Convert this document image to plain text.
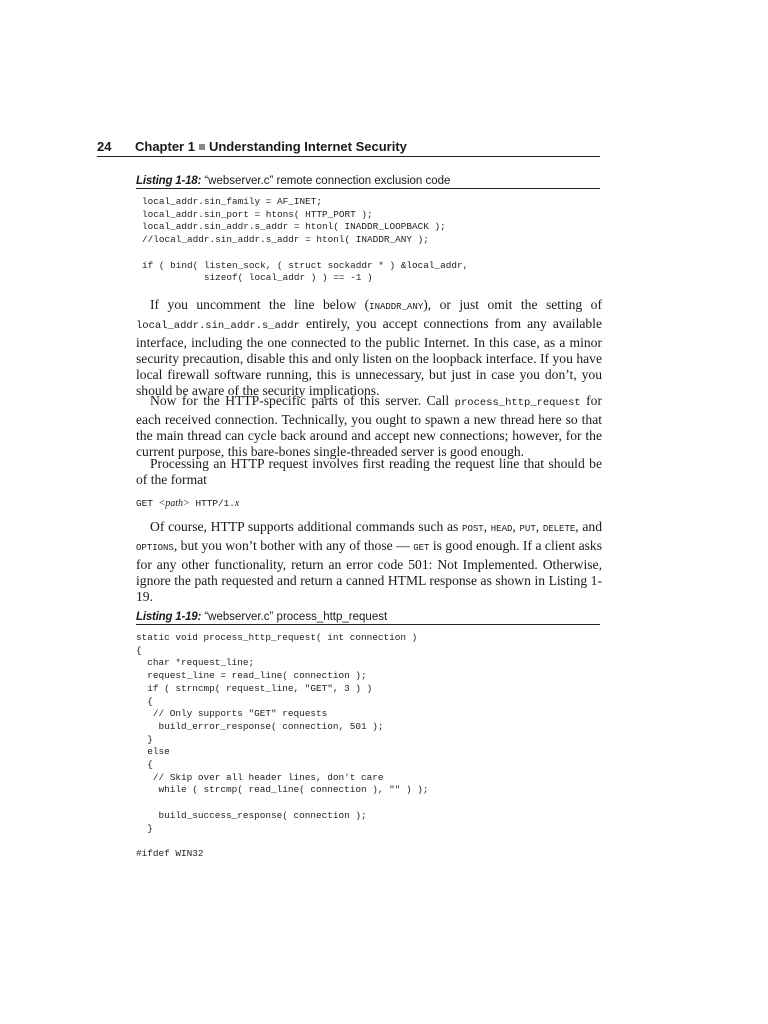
24 Chapter 1 Understanding Internet Security
Listing 1-18: “webserver.c” remote connection exclusion code
local_addr.sin_family = AF_INET;
local_addr.sin_port = htons( HTTP_PORT );
local_addr.sin_addr.s_addr = htonl( INADDR_LOOPBACK );
//local_addr.sin_addr.s_addr = htonl( INADDR_ANY );

if ( bind( listen_sock, ( struct sockaddr * ) &local_addr,
sizeof( local_addr ) ) == -1 )

If you uncomment the line below (INADDR_ANY), or just omit the setting of local_addr.sin_addr.s_addr entirely, you accept connections from any available interface, including the one connected to the public Internet. In this case, as a minor security precaution, disable this and only listen on the loopback interface. If you have local firewall software running, this is unnecessary, but just in case you don’t, you should be aware of the security implications.

Now for the HTTP-specific parts of this server. Call process_http_request for each received connection. Technically, you ought to spawn a new thread here so that the main thread can cycle back around and accept new connections; however, for the current purpose, this bare-bones single-threaded server is good enough.

Processing an HTTP request involves first reading the request line that should be of the format

GET <path> HTTP/1.x

Of course, HTTP supports additional commands such as POST, HEAD, PUT, DELETE, and OPTIONS, but you won’t bother with any of those — GET is good enough. If a client asks for any other functionality, return an error code 501: Not Implemented. Otherwise, ignore the path requested and return a canned HTML response as shown in Listing 1-19.

Listing 1-19: “webserver.c” process_http_request
static void process_http_request( int connection )
{
char *request_line;
request_line = read_line( connection );
if ( strncmp( request_line, "GET", 3 ) )
{
// Only supports "GET" requests
build_error_response( connection, 501 );
}
else
{
// Skip over all header lines, don't care
while ( strcmp( read_line( connection ), "" ) );

build_success_response( connection );
}

#ifdef WIN32
